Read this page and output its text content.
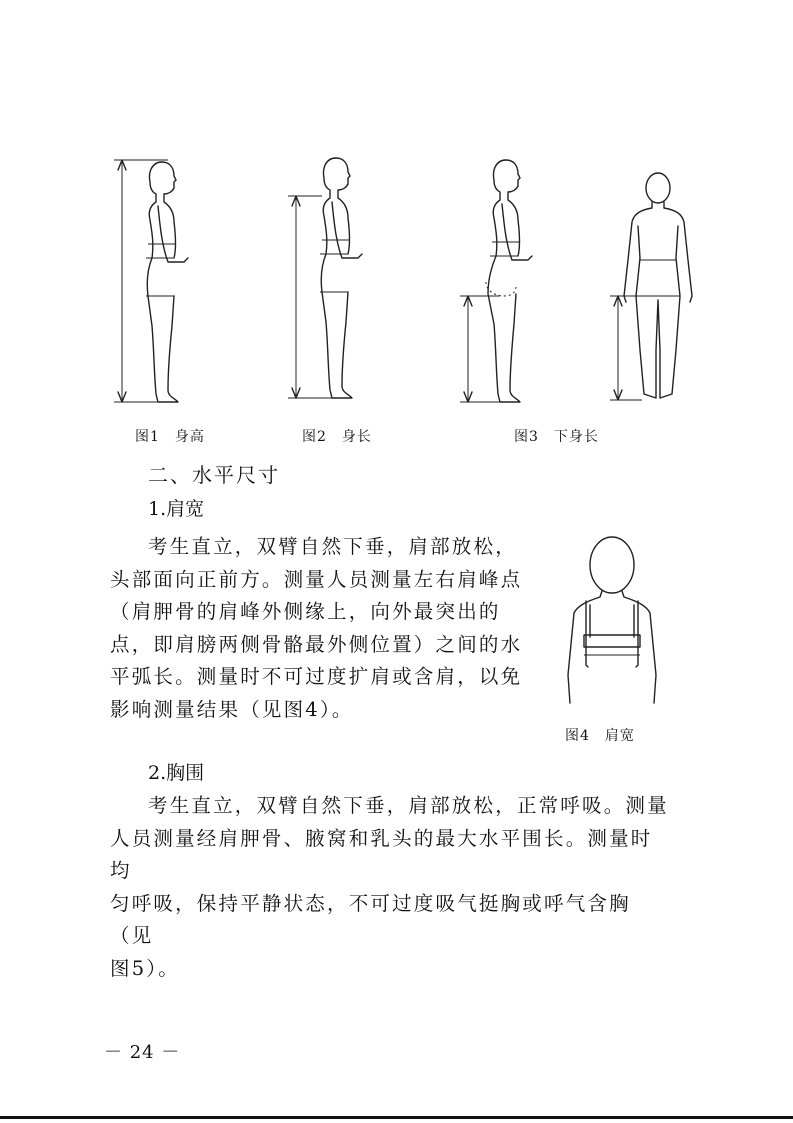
图1　身高	图2　身长	图3　下身长
二、水平尺寸
1.肩宽
考生直立，双臂自然下垂，肩部放松，
头部面向正前方。测量人员测量左右肩峰点
（肩胛骨的肩峰外侧缘上，向外最突出的
点，即肩膀两侧骨骼最外侧位置）之间的水
平弧长。测量时不可过度扩肩或含肩，以免
影响测量结果（见图4）。
图4　肩宽
2.胸围
考生直立，双臂自然下垂，肩部放松，正常呼吸。测量
人员测量经肩胛骨、腋窝和乳头的最大水平围长。测量时均
匀呼吸，保持平静状态，不可过度吸气挺胸或呼气含胸（见
图5）。
－ 24 －
